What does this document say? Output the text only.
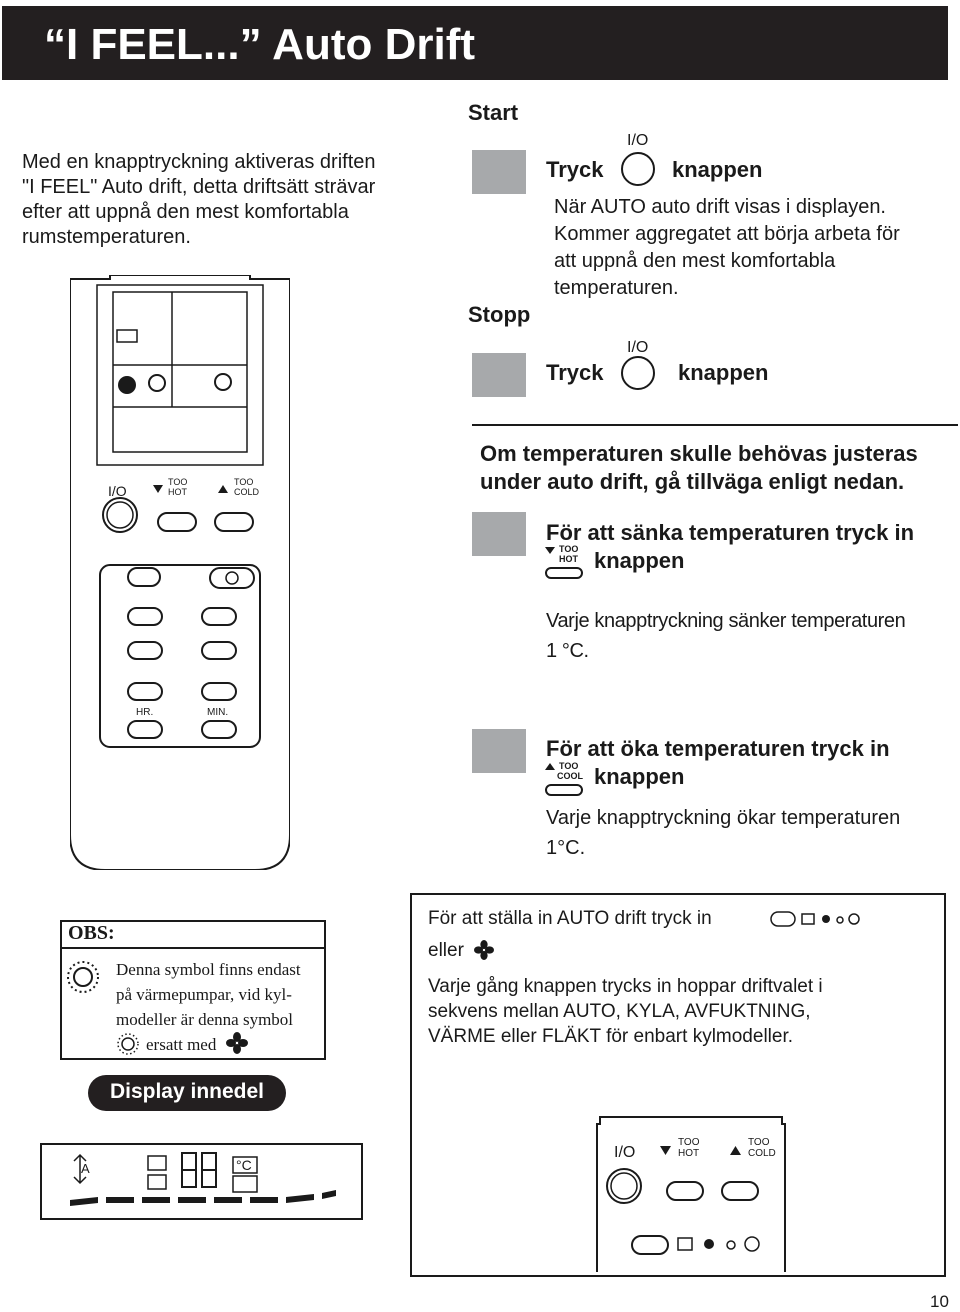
“I FEEL...” Auto Drift
Med en knapptryckning aktiveras driften
"I FEEL" Auto drift, detta driftsätt strävar
efter att uppnå den mest komfortabla
rumstemperaturen.
Start
I/O
Tryck	knappen
När AUTO auto drift visas i displayen.
Kommer aggregatet att börja arbeta för
att uppnå den mest komfortabla
temperaturen.
Stopp
I/O
Tryck	knappen
Om temperaturen skulle behövas justeras
under auto drift, gå tillväga enligt nedan.
För att sänka temperaturen tryck in
TOO
HOT knappen
Varje knapptryckning sänker temperaturen
1 °C.
För att öka temperaturen tryck in
TOO
COOL knappen
Varje knapptryckning ökar temperaturen
1°C.
I/O
TOO
HOT
TOO
COLD
HR.	MIN.
OBS:
Denna symbol finns endast
på värmepumpar, vid kyl-
modeller är denna symbol
ersatt med
För att ställa in AUTO drift tryck in
eller
Varje gång knappen trycks in hoppar driftvalet i
sekvens mellan AUTO, KYLA, AVFUKTNING,
VÄRME eller FLÄKT för enbart kylmodeller.
I/O
TOO
HOT
TOO
COLD
Display innedel
A	°C
10
